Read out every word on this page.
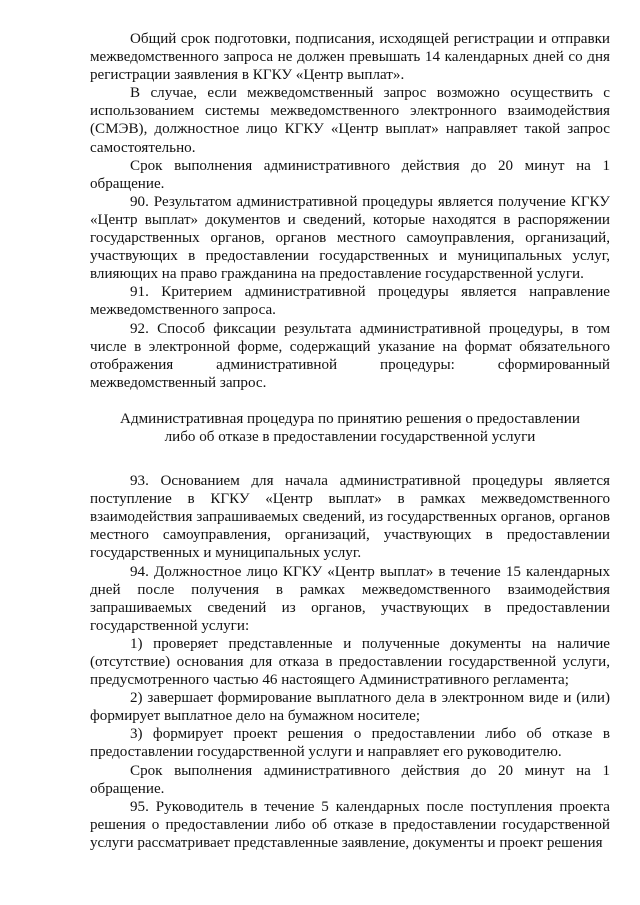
Общий срок подготовки, подписания, исходящей регистрации и отправки межведомственного запроса не должен превышать 14 календарных дней со дня регистрации заявления в КГКУ «Центр выплат».

В случае, если межведомственный запрос возможно осуществить с использованием системы межведомственного электронного взаимодействия (СМЭВ), должностное лицо КГКУ «Центр выплат» направляет такой запрос самостоятельно.

Срок выполнения административного действия до 20 минут на 1 обращение.

90. Результатом административной процедуры является получение КГКУ «Центр выплат» документов и сведений, которые находятся в распоряжении государственных органов, органов местного самоуправления, организаций, участвующих в предоставлении государственных и муниципальных услуг, влияющих на право гражданина на предоставление государственной услуги.

91. Критерием административной процедуры является направление межведомственного запроса.

92. Способ фиксации результата административной процедуры, в том числе в электронной форме, содержащий указание на формат обязательного отображения административной процедуры: сформированный межведомственный запрос.

Административная процедура по принятию решения о предоставлении либо об отказе в предоставлении государственной услуги

93. Основанием для начала административной процедуры является поступление в КГКУ «Центр выплат» в рамках межведомственного взаимодействия запрашиваемых сведений, из государственных органов, органов местного самоуправления, организаций, участвующих в предоставлении государственных и муниципальных услуг.

94. Должностное лицо КГКУ «Центр выплат» в течение 15 календарных дней после получения в рамках межведомственного взаимодействия запрашиваемых сведений из органов, участвующих в предоставлении государственной услуги:

1) проверяет представленные и полученные документы на наличие (отсутствие) основания для отказа в предоставлении государственной услуги, предусмотренного частью 46 настоящего Административного регламента;

2) завершает формирование выплатного дела в электронном виде и (или) формирует выплатное дело на бумажном носителе;

3) формирует проект решения о предоставлении либо об отказе в предоставлении государственной услуги и направляет его руководителю.

Срок выполнения административного действия до 20 минут на 1 обращение.

95. Руководитель в течение 5 календарных после поступления проекта решения о предоставлении либо об отказе в предоставлении государственной услуги рассматривает представленные заявление, документы и проект решения
